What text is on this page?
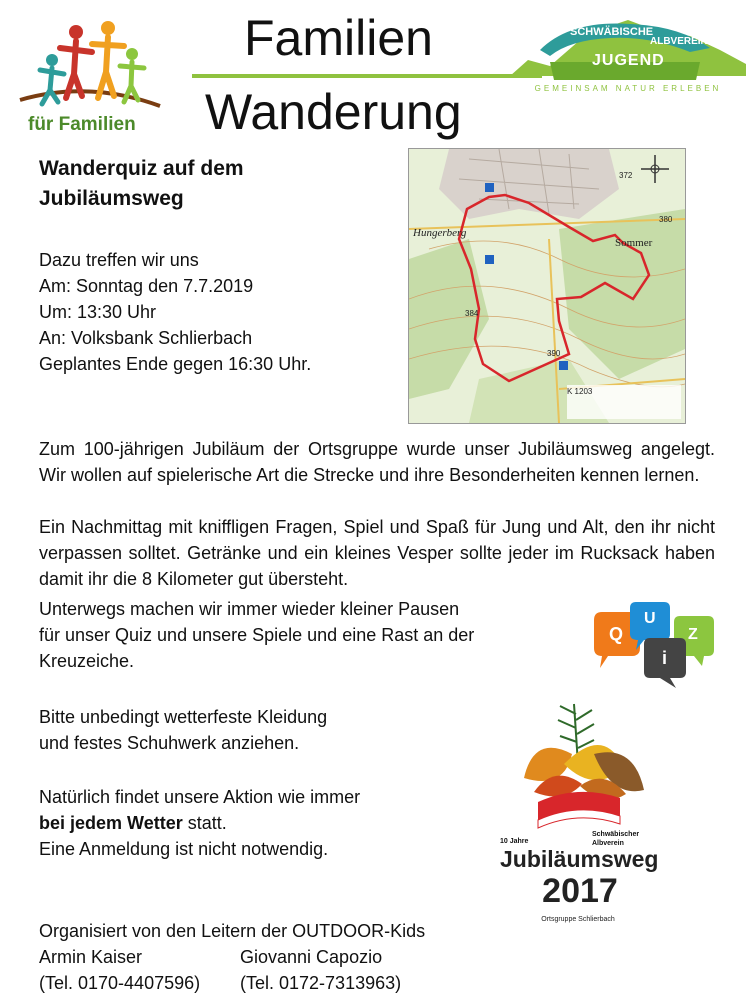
für Familien
Familien
Wanderung
SCHWÄBISCHE
ALBVEREINS
JUGEND
GEMEINSAM NATUR ERLEBEN
Wanderquiz auf dem
Jubiläumsweg
Dazu treffen wir uns
Am: Sonntag den 7.7.2019
Um: 13:30 Uhr
An: Volksbank Schlierbach
Geplantes Ende gegen 16:30 Uhr.
Hungerberg
Sommer
K 1203
372
380
384
390
Zum 100-jährigen Jubiläum der Ortsgruppe wurde unser Jubiläumsweg angelegt. Wir wollen auf spielerische Art die Strecke und ihre Besonderheiten kennen lernen.
Ein Nachmittag mit kniffligen Fragen, Spiel und Spaß für Jung und Alt, den ihr nicht verpassen solltet. Getränke und ein kleines Vesper sollte jeder im Rucksack haben damit ihr die 8 Kilometer gut übersteht.
Unterwegs machen wir immer wieder kleiner Pausen
für unser Quiz und unsere Spiele und eine Rast an der
Kreuzeiche.
Bitte unbedingt wetterfeste Kleidung
und festes Schuhwerk anziehen.
Natürlich findet unsere Aktion wie immer
bei jedem Wetter statt.
Eine Anmeldung ist nicht notwendig.
Q
U
Z
i
10 Jahre
Schwäbischer
Albverein
Jubiläumsweg
2017
Ortsgruppe Schlierbach
Organisiert von den Leitern der OUTDOOR-Kids
Armin Kaiser	Giovanni Capozio
(Tel. 0170-4407596) (Tel. 0172-7313963)
